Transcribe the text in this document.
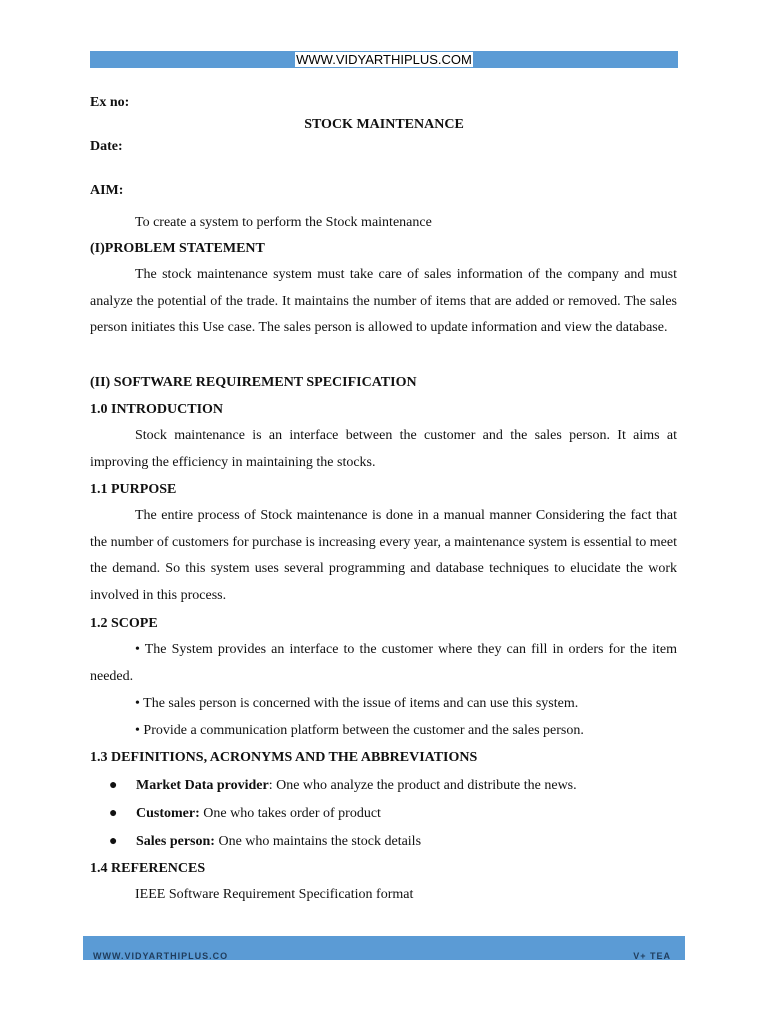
WWW.VIDYARTHIPLUS.COM
Ex no:
STOCK MAINTENANCE
Date:
AIM:
To create a system to perform the Stock maintenance
(I)PROBLEM STATEMENT
The stock maintenance system must take care of sales information of the company and must analyze the potential of the trade. It maintains the number of items that are added or removed. The sales person initiates this Use case. The sales person is allowed to update information and view the database.
(II) SOFTWARE REQUIREMENT SPECIFICATION
1.0 INTRODUCTION
Stock maintenance is an interface between the customer and the sales person. It aims at improving the efficiency in maintaining the stocks.
1.1 PURPOSE
The entire process of Stock maintenance is done in a manual manner Considering the fact that the number of customers for purchase is increasing every year, a maintenance system is essential to meet the demand. So this system uses several programming and database techniques to elucidate the work involved in this process.
1.2 SCOPE
• The System provides an interface to the customer where they can fill in orders for the item needed.
• The sales person is concerned with the issue of items and can use this system.
• Provide a communication platform between the customer and the sales person.
1.3 DEFINITIONS, ACRONYMS AND THE ABBREVIATIONS
● Market Data provider: One who analyze the product and distribute the news.
● Customer: One who takes order of product
● Sales person: One who maintains the stock details
1.4 REFERENCES
IEEE Software Requirement Specification format
WWW.VIDYARTHIPLUS.CO	V+ TEA
